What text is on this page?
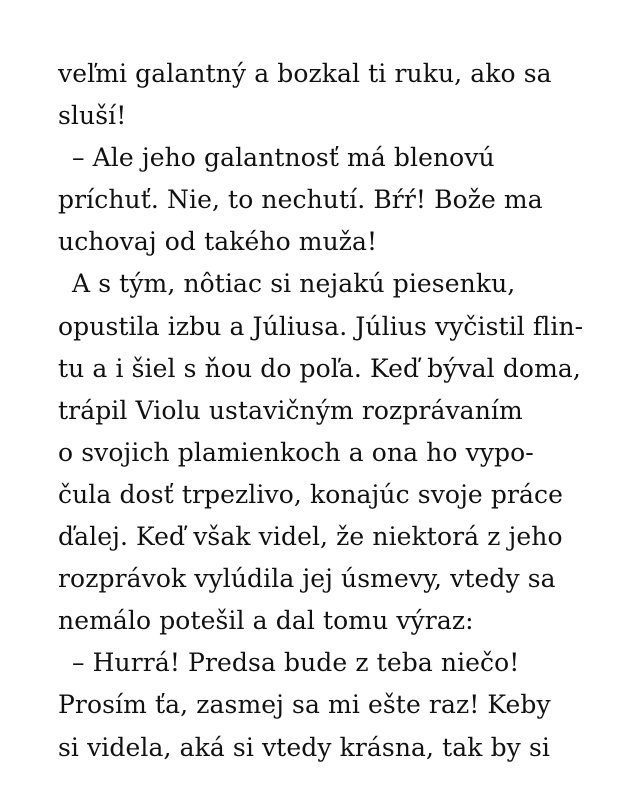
veľmi galantný a bozkal ti ruku, ako sa
sluší!
– Ale jeho galantnosť má blenovú
príchuť. Nie, to nechutí. Bŕŕ! Bože ma
uchovaj od takého muža!
A s tým, nôtiac si nejakú piesenku,
opustila izbu a Júliusa. Július vyčistil flin-
tu a i šiel s ňou do poľa. Keď býval doma,
trápil Violu ustavičným rozprávaním
o svojich plamienkoch a ona ho vypo-
čula dosť trpezlivo, konajúc svoje práce
ďalej. Keď však videl, že niektorá z jeho
rozprávok vylúdila jej úsmevy, vtedy sa
nemálo potešil a dal tomu výraz:
– Hurrá! Predsa bude z teba niečo!
Prosím ťa, zasmej sa mi ešte raz! Keby
si videla, aká si vtedy krásna, tak by si
